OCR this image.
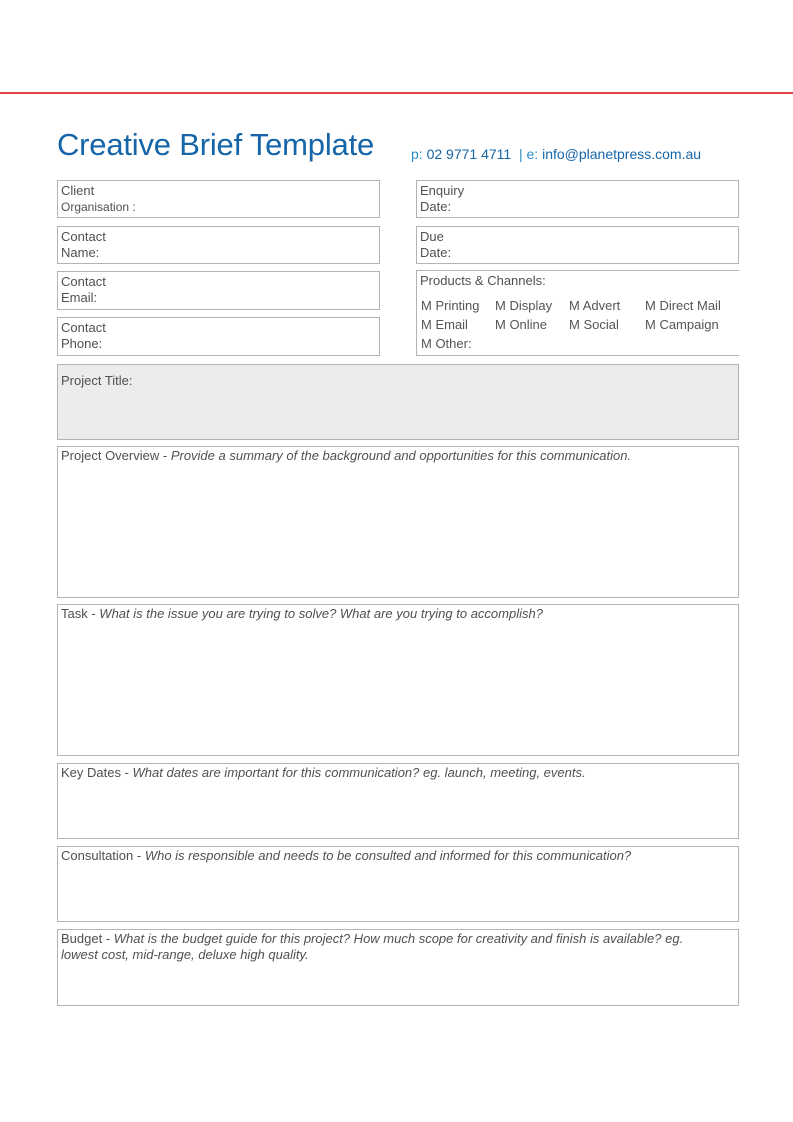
Creative Brief Template	p: 02 9771 4711 | e: info@planetpress.com.au
Client
Organisation :
Contact
Name:
Contact
Email:
Contact
Phone:
Enquiry
Date:
Due
Date:
Products & Channels:
M Printing M Display M Advert M Direct Mail
M Email M Online M Social M Campaign
M Other:
Project Title:
Project Overview - Provide a summary of the background and opportunities for this communication.
Task - What is the issue you are trying to solve? What are you trying to accomplish?
Key Dates - What dates are important for this communication? eg. launch, meeting, events.
Consultation - Who is responsible and needs to be consulted and informed for this communication?
Budget - What is the budget guide for this project? How much scope for creativity and finish is available? eg. lowest cost, mid-range, deluxe high quality.
